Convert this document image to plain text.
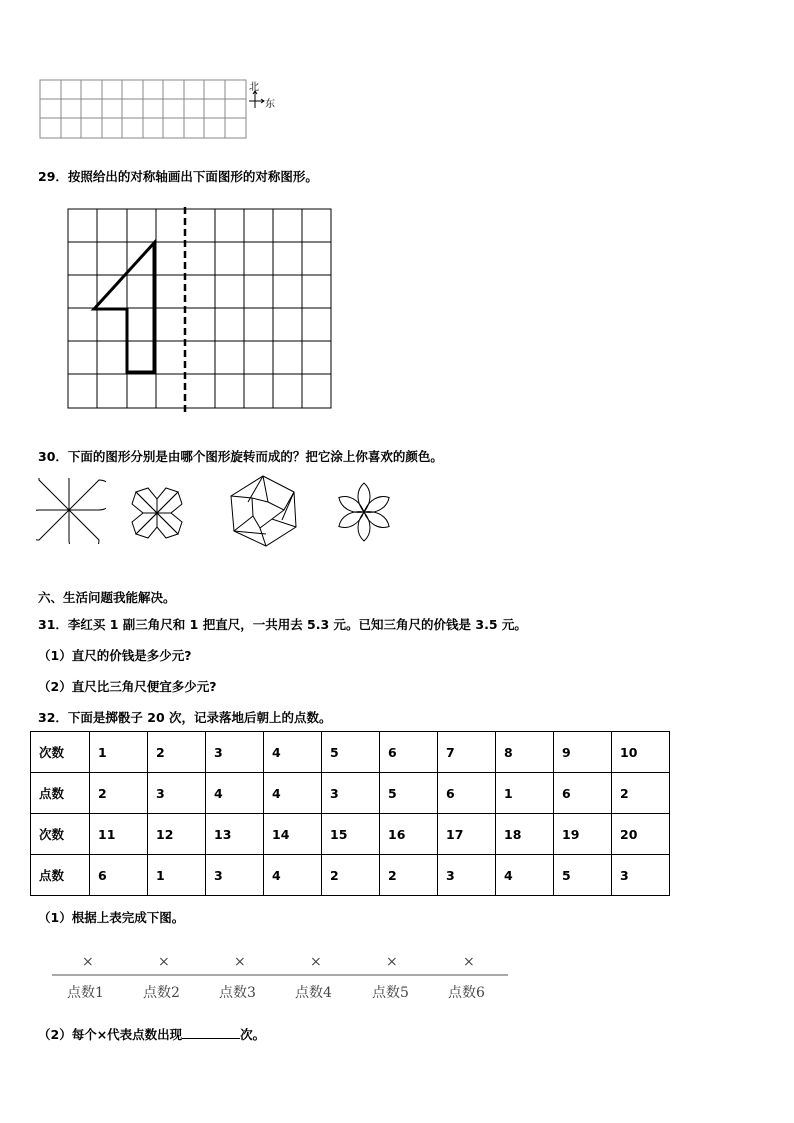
北
东
29．按照给出的对称轴画出下面图形的对称图形。
30．下面的图形分别是由哪个图形旋转而成的？把它涂上你喜欢的颜色。
六、生活问题我能解决。
31．李红买 1 副三角尺和 1 把直尺，一共用去 5.3 元。已知三角尺的价钱是 3.5 元。
（1）直尺的价钱是多少元?
（2）直尺比三角尺便宜多少元?
32．下面是掷骰子 20 次，记录落地后朝上的点数。
次数	1	2	3	4	5	6	7	8	9	10
点数	2	3	4	4	3	5	6	1	6	2
次数	11	12	13	14	15	16	17	18	19	20
点数	6	1	3	4	2	2	3	4	5	3
（1）根据上表完成下图。
×	×	×	×	×	×
点数1	点数2	点数3	点数4	点数5	点数6
（2）每个×代表点数出现	次。
